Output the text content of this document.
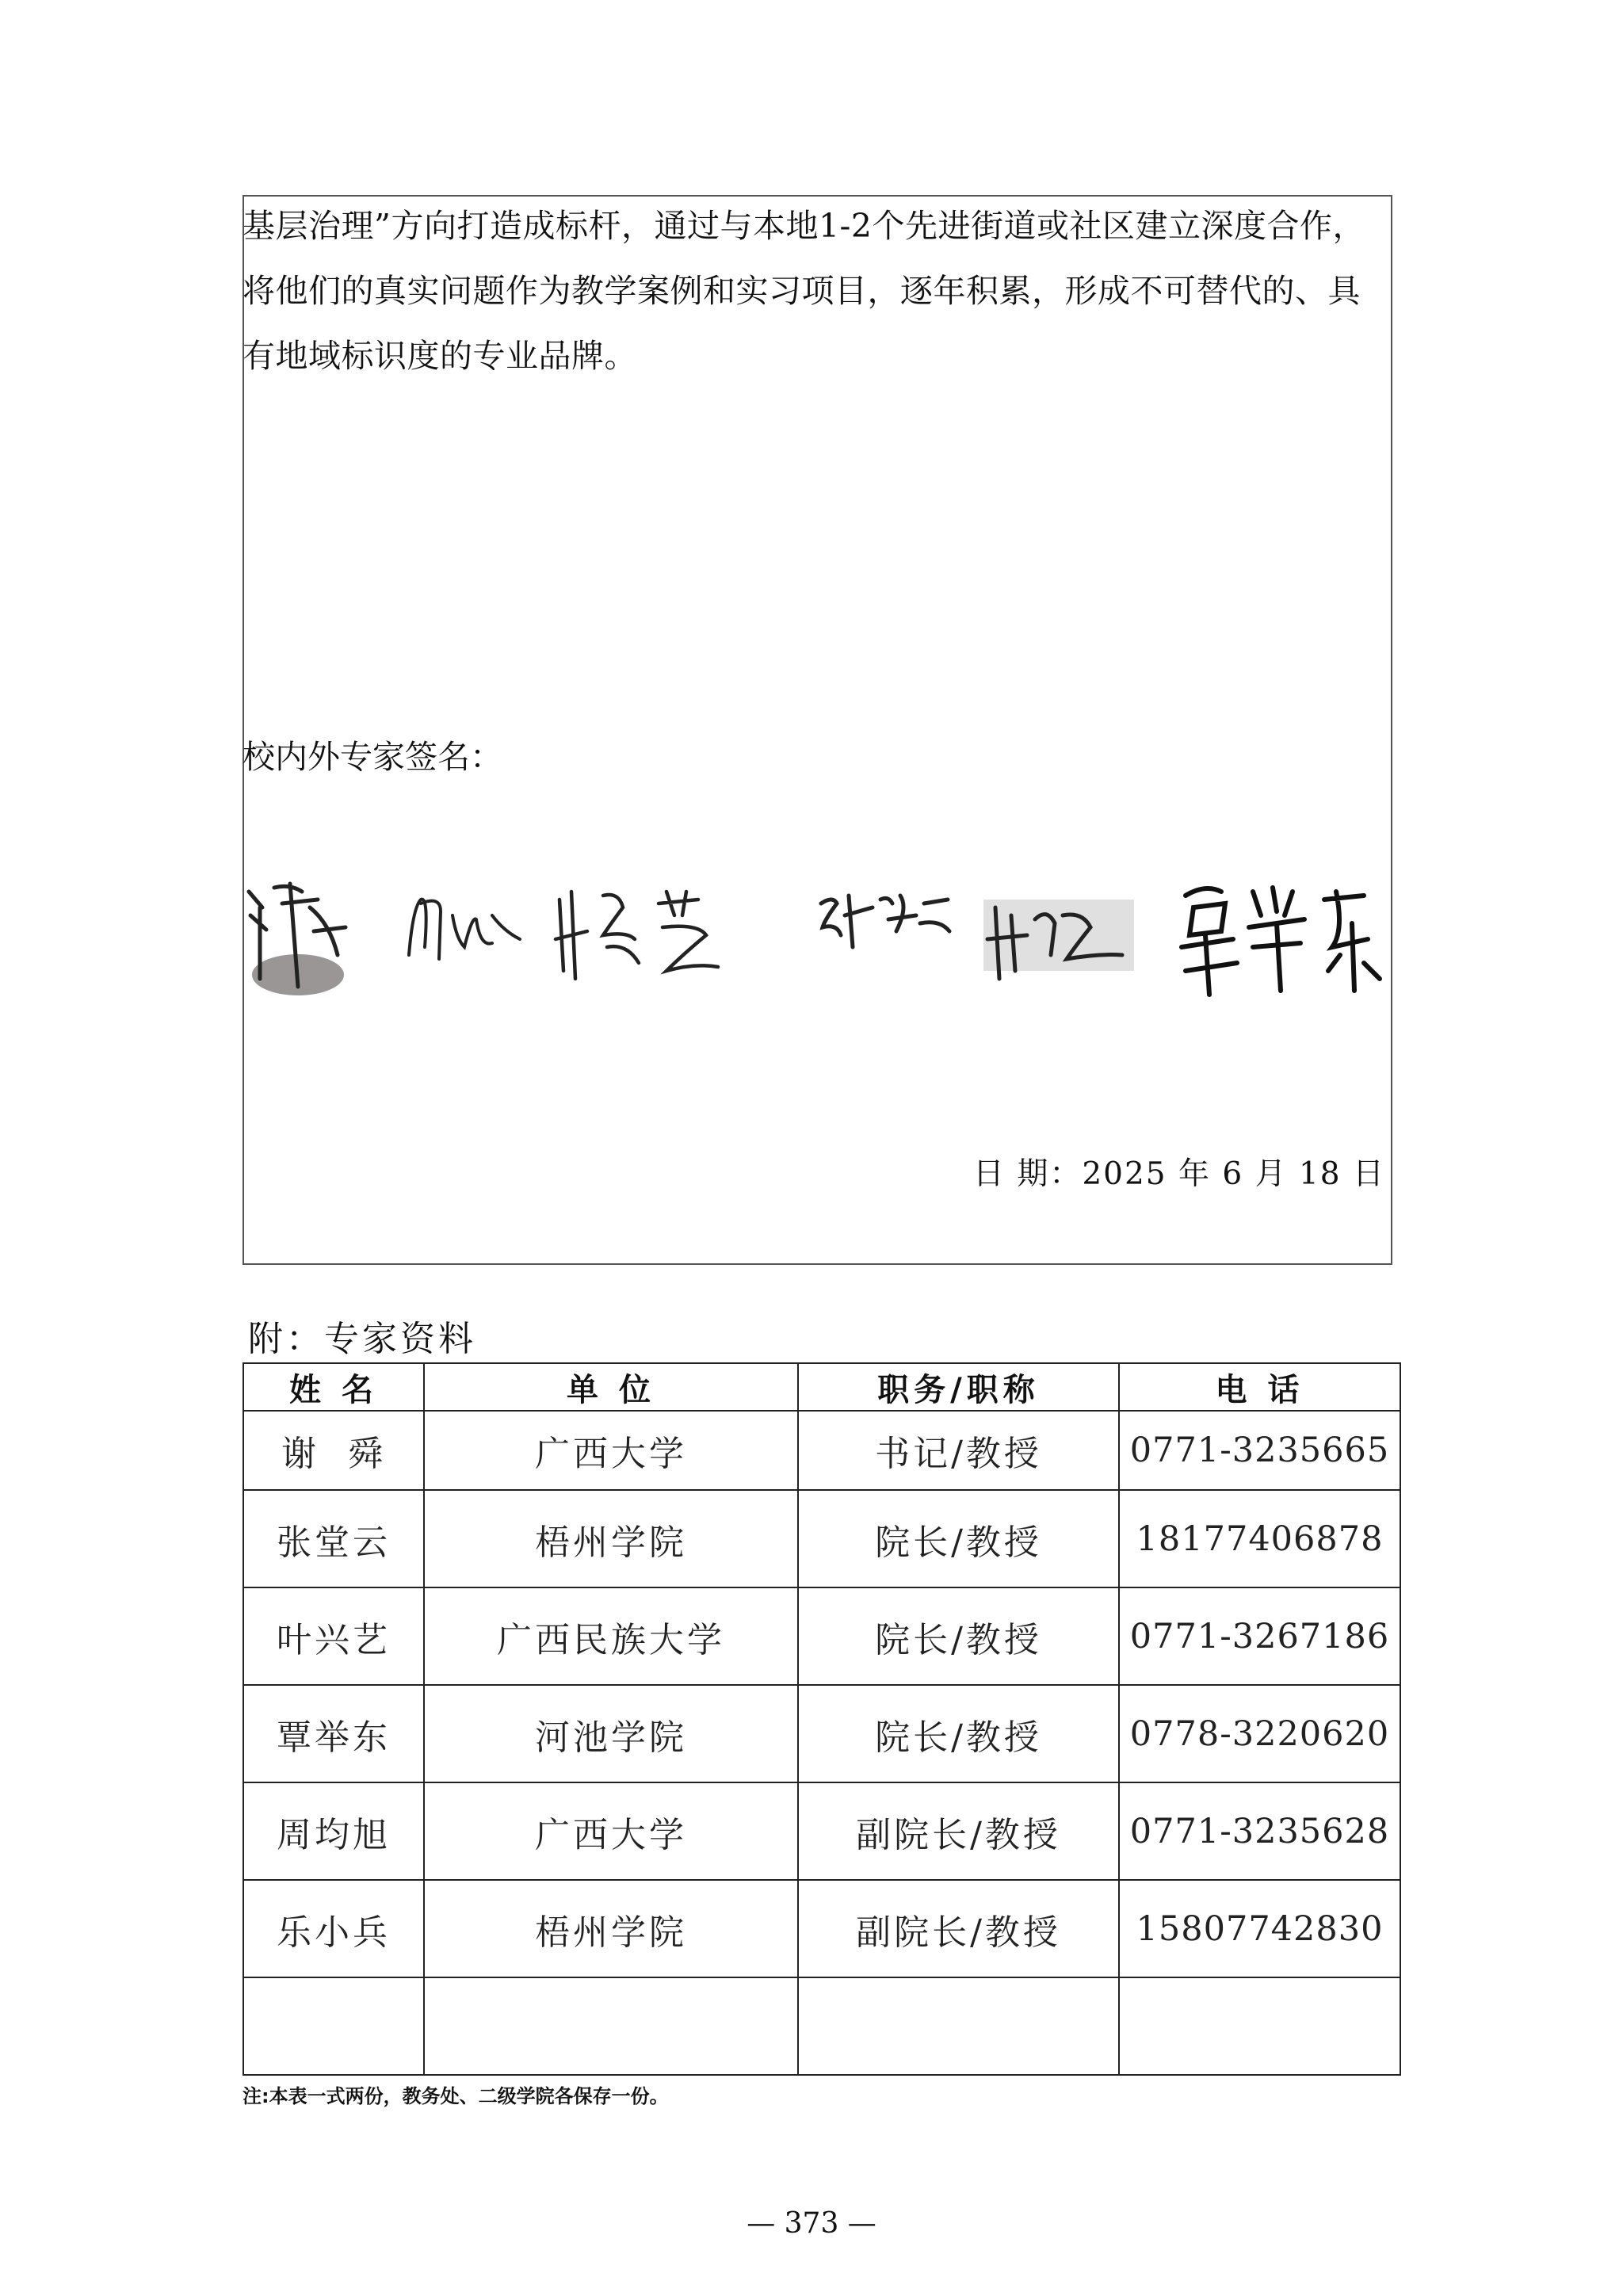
基层治理”方向打造成标杆，通过与本地1-2个先进街道或社区建立深度合作，
将他们的真实问题作为教学案例和实习项目，逐年积累，形成不可替代的、具
有地域标识度的专业品牌。
校内外专家签名：
日 期：2025 年 6 月 18 日
附：专家资料
姓 名	单 位	职务/职称	电 话
谢  舜	广西大学	书记/教授	0771-3235665
张堂云	梧州学院	院长/教授	18177406878
叶兴艺	广西民族大学	院长/教授	0771-3267186
覃举东	河池学院	院长/教授	0778-3220620
周均旭	广西大学	副院长/教授	0771-3235628
乐小兵	梧州学院	副院长/教授	15807742830

注:本表一式两份，教务处、二级学院各保存一份。
— 373 —
